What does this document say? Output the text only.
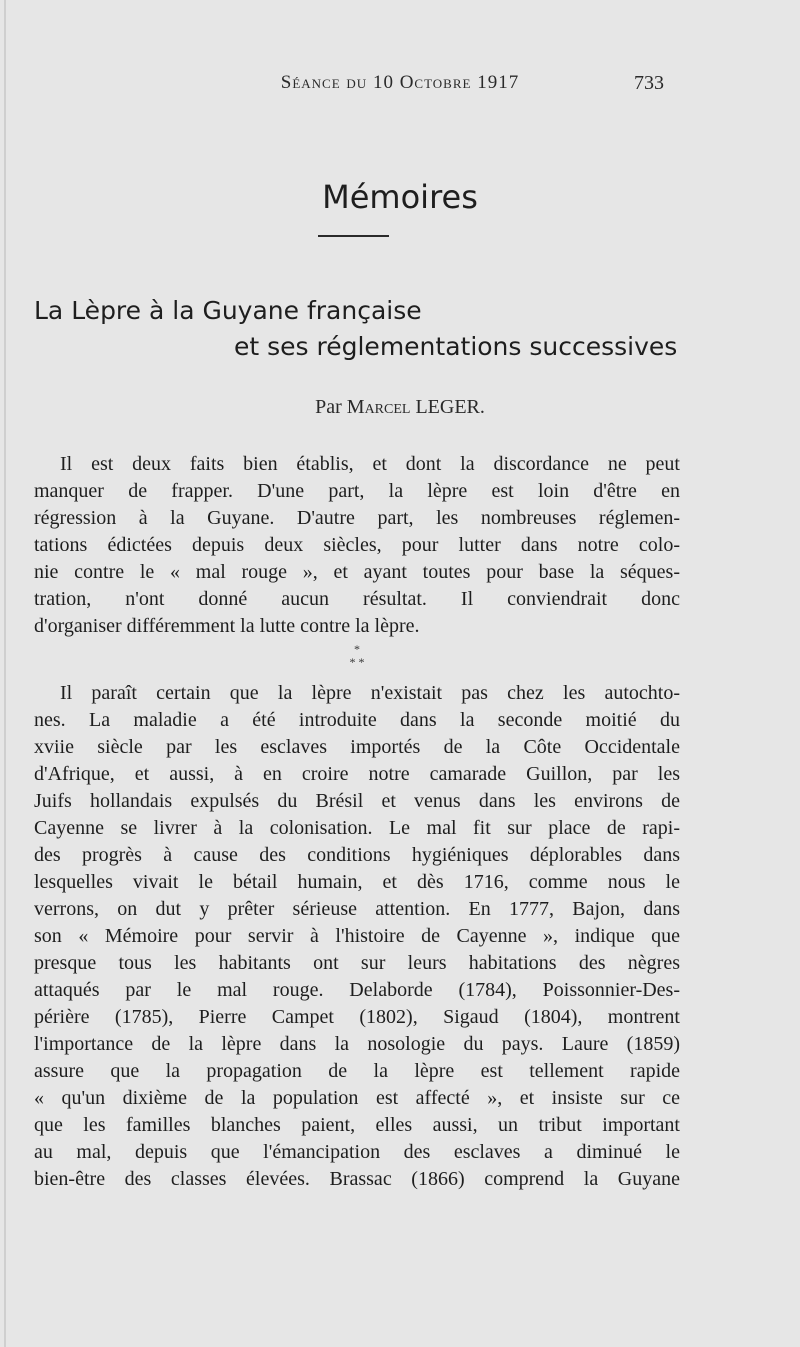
Séance du 10 Octobre 1917	733
Mémoires
La Lèpre à la Guyane française
et ses réglementations successives
Par Marcel LEGER.
Il est deux faits bien établis, et dont la discordance ne peut
manquer de frapper. D'une part, la lèpre est loin d'être en
régression à la Guyane. D'autre part, les nombreuses réglemen-
tations édictées depuis deux siècles, pour lutter dans notre colo-
nie contre le « mal rouge », et ayant toutes pour base la séques-
tration, n'ont donné aucun résultat. Il conviendrait donc
d'organiser différemment la lutte contre la lèpre.
*
* *
Il paraît certain que la lèpre n'existait pas chez les autochto-
nes. La maladie a été introduite dans la seconde moitié du
xviie siècle par les esclaves importés de la Côte Occidentale
d'Afrique, et aussi, à en croire notre camarade Guillon, par les
Juifs hollandais expulsés du Brésil et venus dans les environs de
Cayenne se livrer à la colonisation. Le mal fit sur place de rapi-
des progrès à cause des conditions hygiéniques déplorables dans
lesquelles vivait le bétail humain, et dès 1716, comme nous le
verrons, on dut y prêter sérieuse attention. En 1777, Bajon, dans
son « Mémoire pour servir à l'histoire de Cayenne », indique que
presque tous les habitants ont sur leurs habitations des nègres
attaqués par le mal rouge. Delaborde (1784), Poissonnier-Des-
périère (1785), Pierre Campet (1802), Sigaud (1804), montrent
l'importance de la lèpre dans la nosologie du pays. Laure (1859)
assure que la propagation de la lèpre est tellement rapide
« qu'un dixième de la population est affecté », et insiste sur ce
que les familles blanches paient, elles aussi, un tribut important
au mal, depuis que l'émancipation des esclaves a diminué le
bien-être des classes élevées. Brassac (1866) comprend la Guyane
